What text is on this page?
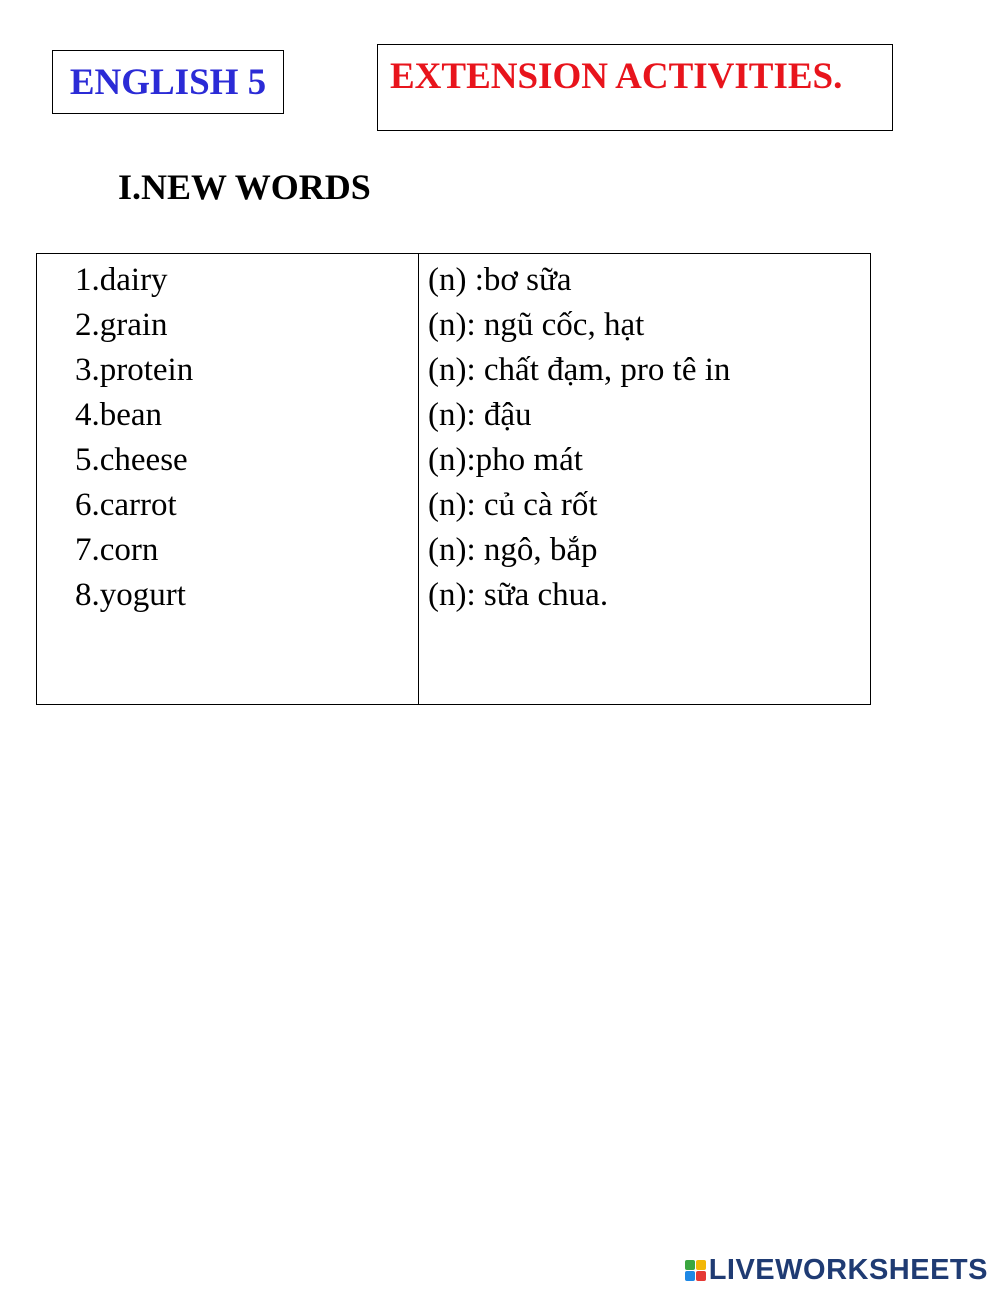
ENGLISH 5	EXTENSION ACTIVITIES.
I.NEW WORDS
1.dairy
2.grain
3.protein
4.bean
5.cheese
6.carrot
7.corn
8.yogurt
(n) :bơ sữa
(n): ngũ cốc, hạt
(n): chất đạm, pro tê in
(n): đậu
(n):pho mát
(n): củ cà rốt
(n): ngô, bắp
(n): sữa chua.
LIVEWORKSHEETS
